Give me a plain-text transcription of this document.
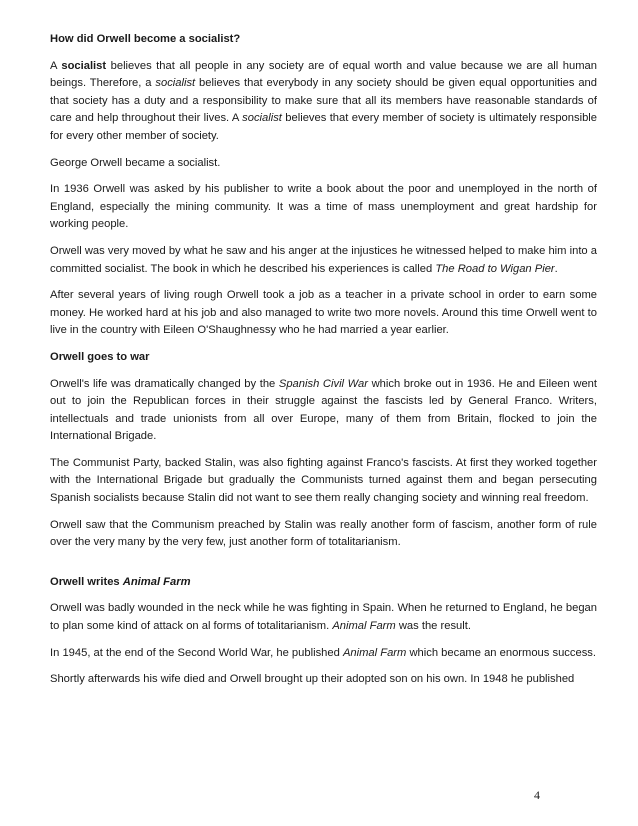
How did Orwell become a socialist?

A socialist believes that all people in any society are of equal worth and value because we are all human beings. Therefore, a socialist believes that everybody in any society should be given equal opportunities and that society has a duty and a responsibility to make sure that all its members have reasonable standards of care and help throughout their lives. A socialist believes that every member of society is ultimately responsible for every other member of society.

George Orwell became a socialist.

In 1936 Orwell was asked by his publisher to write a book about the poor and unemployed in the north of England, especially the mining community. It was a time of mass unemployment and great hardship for working people.

Orwell was very moved by what he saw and his anger at the injustices he witnessed helped to make him into a committed socialist. The book in which he described his experiences is called The Road to Wigan Pier.

After several years of living rough Orwell took a job as a teacher in a private school in order to earn some money. He worked hard at his job and also managed to write two more novels. Around this time Orwell went to live in the country with Eileen O'Shaughnessy who he had married a year earlier.

Orwell goes to war

Orwell's life was dramatically changed by the Spanish Civil War which broke out in 1936. He and Eileen went out to join the Republican forces in their struggle against the fascists led by General Franco. Writers, intellectuals and trade unionists from all over Europe, many of them from Britain, flocked to join the International Brigade.

The Communist Party, backed Stalin, was also fighting against Franco's fascists. At first they worked together with the International Brigade but gradually the Communists turned against them and began persecuting Spanish socialists because Stalin did not want to see them really changing society and winning real freedom.

Orwell saw that the Communism preached by Stalin was really another form of fascism, another form of rule over the very many by the very few, just another form of totalitarianism.

Orwell writes Animal Farm

Orwell was badly wounded in the neck while he was fighting in Spain. When he returned to England, he began to plan some kind of attack on al forms of totalitarianism. Animal Farm was the result.

In 1945, at the end of the Second World War, he published Animal Farm which became an enormous success.

Shortly afterwards his wife died and Orwell brought up their adopted son on his own. In 1948 he published

4
